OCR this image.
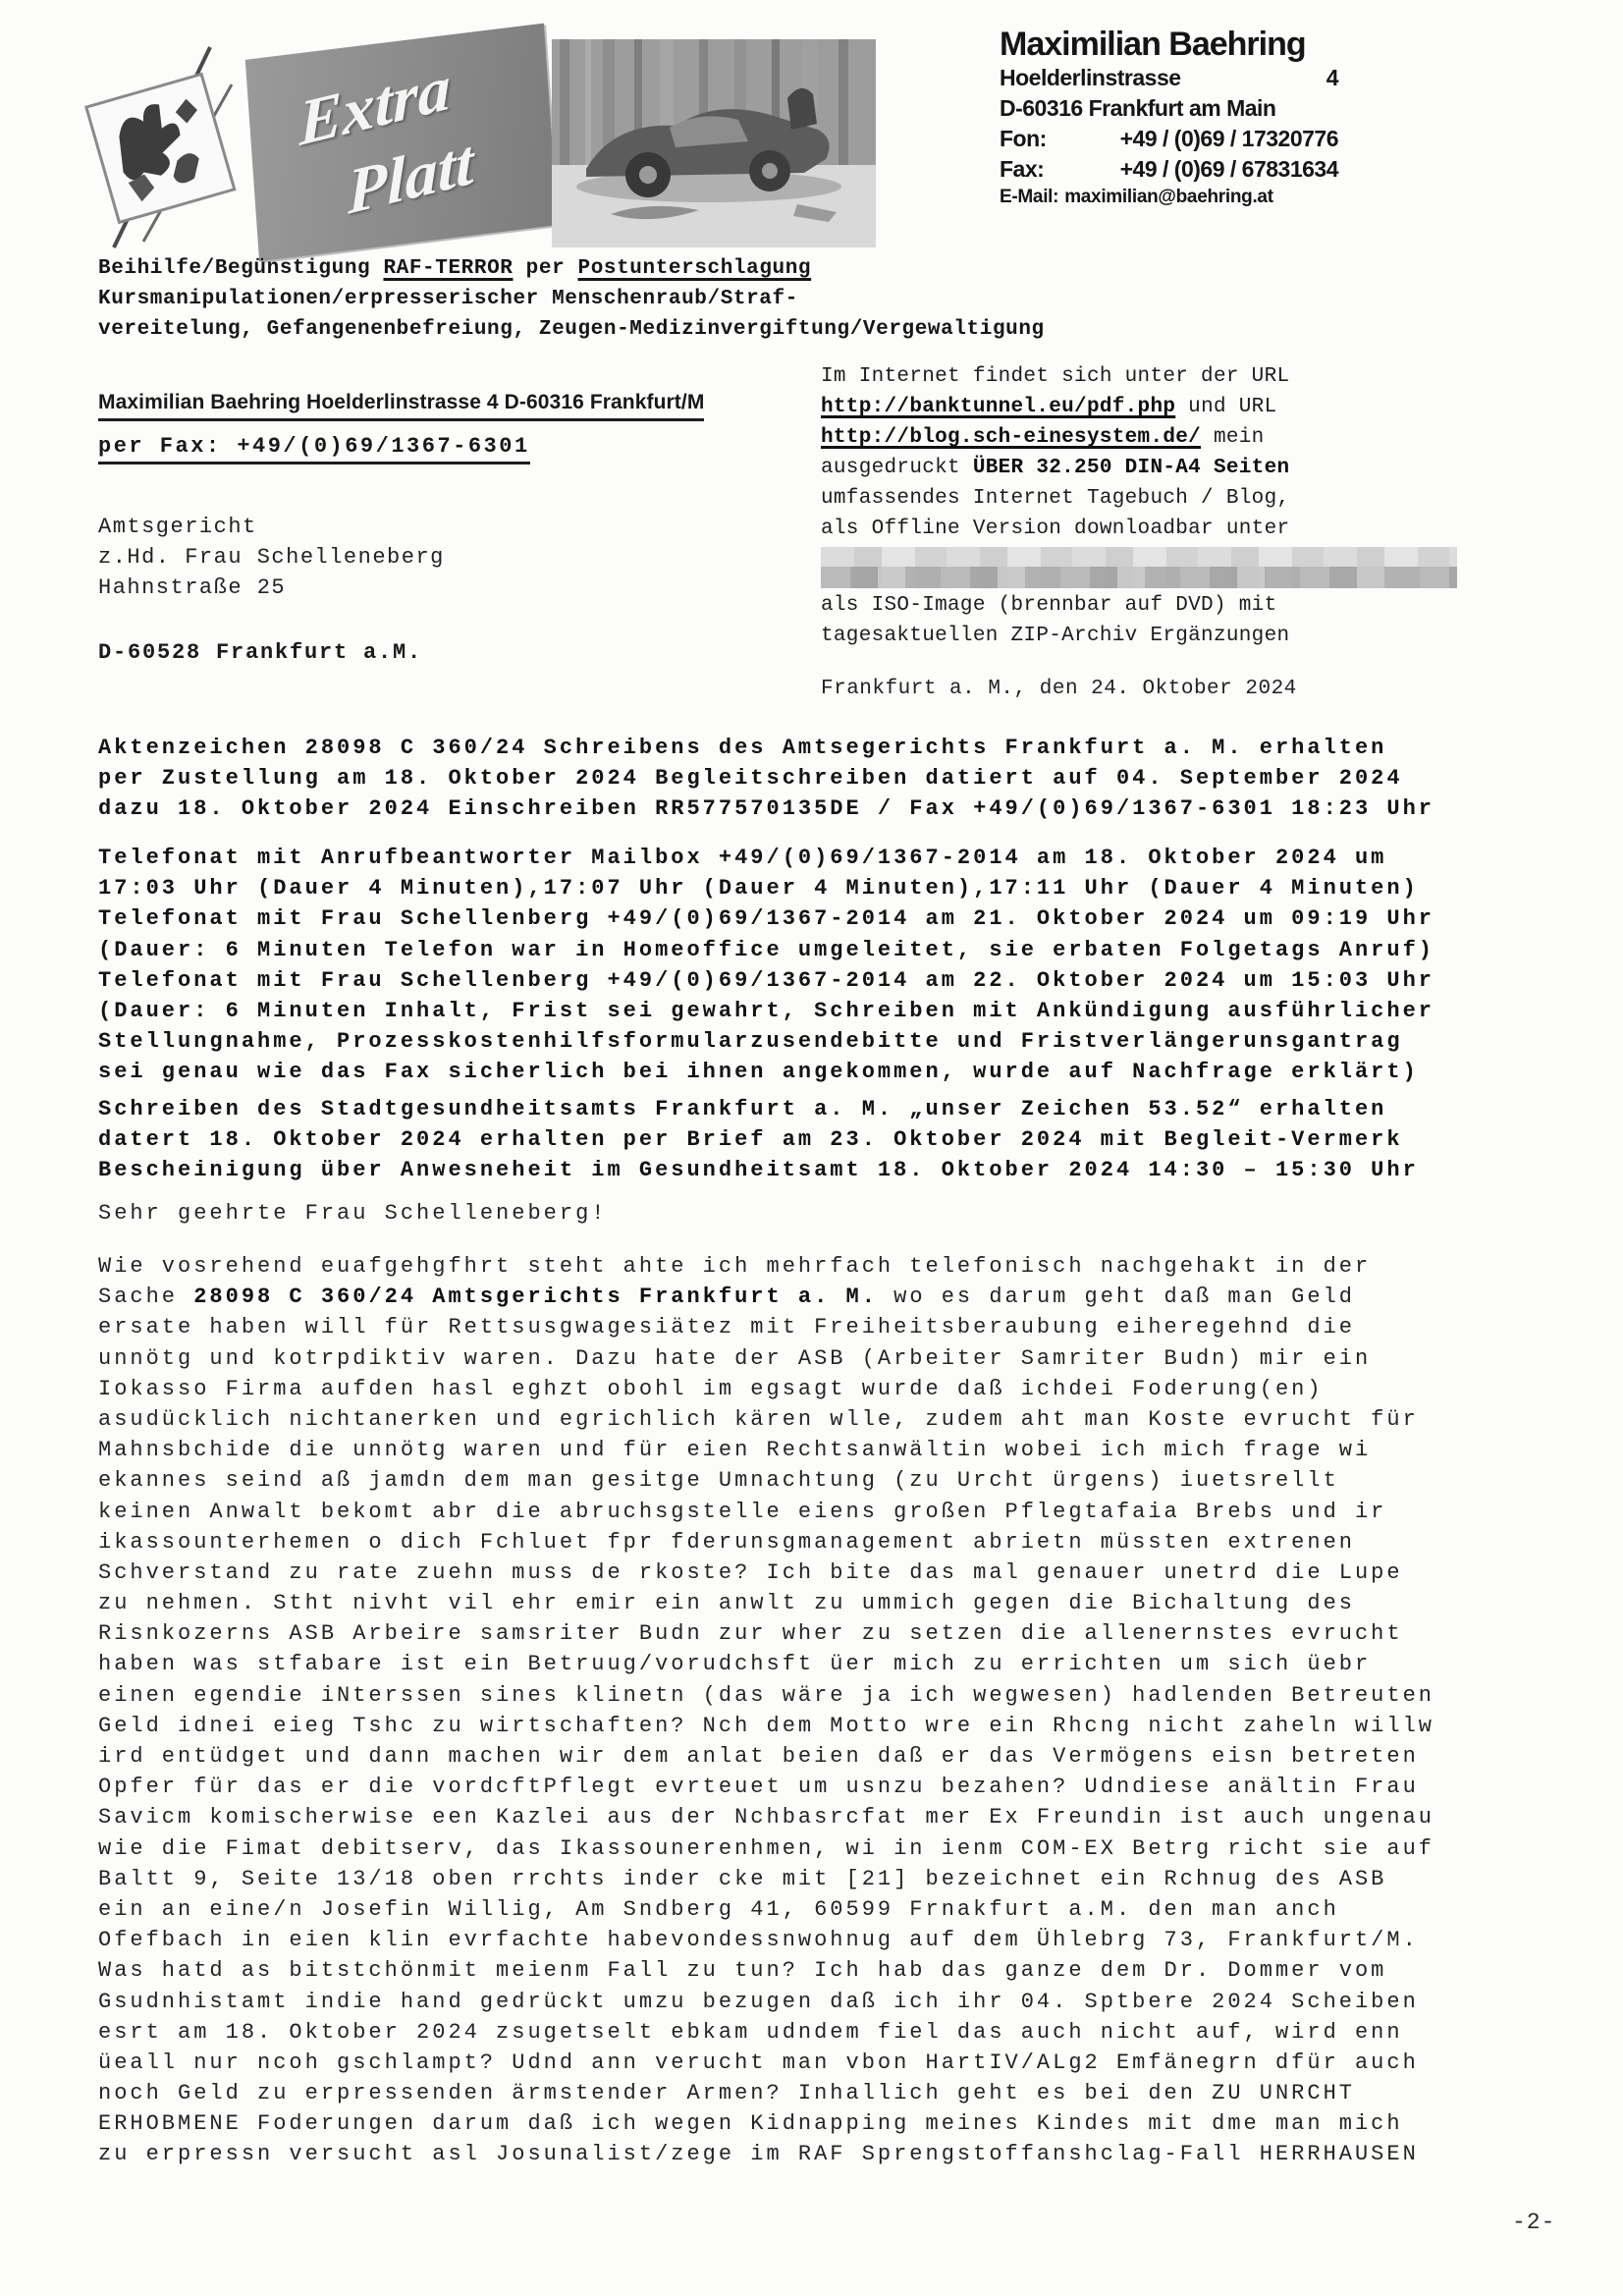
Extra
Platt
Maximilian Baehring
Hoelderlinstrasse	4
D-60316 Frankfurt am Main
Fon:	+49 / (0)69 / 17320776
Fax:	+49 / (0)69 / 67831634
E-Mail: maximilian@baehring.at
Beihilfe/Begünstigung RAF-TERROR per Postunterschlagung
Kursmanipulationen/erpresserischer Menschenraub/Straf-
vereitelung, Gefangenenbefreiung, Zeugen-Medizinvergiftung/Vergewaltigung
Maximilian Baehring Hoelderlinstrasse 4 D-60316 Frankfurt/M
per Fax: +49/(0)69/1367-6301
Amtsgericht
z.Hd. Frau Schelleneberg
Hahnstraße 25
D-60528 Frankfurt a.M.
Im Internet findet sich unter der URL
http://banktunnel.eu/pdf.php und URL
http://blog.sch-einesystem.de/ mein
ausgedruckt ÜBER 32.250 DIN-A4 Seiten
umfassendes Internet Tagebuch / Blog,
als Offline Version downloadbar unter
als ISO-Image (brennbar auf DVD) mit
tagesaktuellen ZIP-Archiv Ergänzungen
Frankfurt a. M., den 24. Oktober 2024
Aktenzeichen 28098 C 360/24 Schreibens des Amtsegerichts Frankfurt a. M. erhalten
per Zustellung am 18. Oktober 2024 Begleitschreiben datiert auf 04. September 2024
dazu 18. Oktober 2024 Einschreiben RR577570135DE / Fax +49/(0)69/1367-6301 18:23 Uhr
Telefonat mit Anrufbeantworter Mailbox +49/(0)69/1367-2014 am 18. Oktober 2024 um
17:03 Uhr (Dauer 4 Minuten),17:07 Uhr (Dauer 4 Minuten),17:11 Uhr (Dauer 4 Minuten)
Telefonat mit Frau Schellenberg +49/(0)69/1367-2014 am 21. Oktober 2024 um 09:19 Uhr
(Dauer: 6 Minuten Telefon war in Homeoffice umgeleitet, sie erbaten Folgetags Anruf)
Telefonat mit Frau Schellenberg +49/(0)69/1367-2014 am 22. Oktober 2024 um 15:03 Uhr
(Dauer: 6 Minuten Inhalt, Frist sei gewahrt, Schreiben mit Ankündigung ausführlicher
Stellungnahme, Prozesskostenhilfsformularzusendebitte und Fristverlängerunsgantrag
sei genau wie das Fax sicherlich bei ihnen angekommen, wurde auf Nachfrage erklärt)
Schreiben des Stadtgesundheitsamts Frankfurt a. M. „unser Zeichen 53.52“ erhalten
datert 18. Oktober 2024 erhalten per Brief am 23. Oktober 2024 mit Begleit-Vermerk
Bescheinigung über Anwesneheit im Gesundheitsamt 18. Oktober 2024 14:30 – 15:30 Uhr
Sehr geehrte Frau Schelleneberg!
Wie vosrehend euafgehgfhrt steht ahte ich mehrfach telefonisch nachgehakt in der
Sache 28098 C 360/24 Amtsgerichts Frankfurt a. M. wo es darum geht daß man Geld
ersate haben will für Rettsusgwagesiätez mit Freiheitsberaubung eiheregehnd die
unnötg und kotrpdiktiv waren. Dazu hate der ASB (Arbeiter Samriter Budn) mir ein
Iokasso Firma aufden hasl eghzt obohl im egsagt wurde daß ichdei Foderung(en)
asudücklich nichtanerken und egrichlich kären wlle, zudem aht man Koste evrucht für
Mahnsbchide die unnötg waren und für eien Rechtsanwältin wobei ich mich frage wi
ekannes seind aß jamdn dem man gesitge Umnachtung (zu Urcht ürgens) iuetsrellt
keinen Anwalt bekomt abr die abruchsgstelle eiens großen Pflegtafaia Brebs und ir
ikassounterhemen o dich Fchluet fpr fderunsgmanagement abrietn müssten extrenen
Schverstand zu rate zuehn muss de rkoste? Ich bite das mal genauer unetrd die Lupe
zu nehmen. Stht nivht vil ehr emir ein anwlt zu ummich gegen die Bichaltung des
Risnkozerns ASB Arbeire samsriter Budn zur wher zu setzen die allenernstes evrucht
haben was stfabare ist ein Betruug/vorudchsft üer mich zu errichten um sich üebr
einen egendie iNterssen sines klinetn (das wäre ja ich wegwesen) hadlenden Betreuten
Geld idnei eieg Tshc zu wirtschaften? Nch dem Motto wre ein Rhcng nicht zaheln willw
ird entüdget und dann machen wir dem anlat beien daß er das Vermögens eisn betreten
Opfer für das er die vordcftPflegt evrteuet um usnzu bezahen? Udndiese anältin Frau
Savicm komischerwise een Kazlei aus der Nchbasrcfat mer Ex Freundin ist auch ungenau
wie die Fimat debitserv, das Ikassounerenhmen, wi in ienm COM-EX Betrg richt sie auf
Baltt 9, Seite 13/18 oben rrchts inder cke mit [21] bezeichnet ein Rchnug des ASB
ein an eine/n Josefin Willig, Am Sndberg 41, 60599 Frnakfurt a.M. den man anch
Ofefbach in eien klin evrfachte habevondessnwohnug auf dem Ühlebrg 73, Frankfurt/M.
Was hatd as bitstchönmit meienm Fall zu tun? Ich hab das ganze dem Dr. Dommer vom
Gsudnhistamt indie hand gedrückt umzu bezugen daß ich ihr 04. Sptbere 2024 Scheiben
esrt am 18. Oktober 2024 zsugetselt ebkam udndem fiel das auch nicht auf, wird enn
üeall nur ncoh gschlampt? Udnd ann verucht man vbon HartIV/ALg2 Emfänegrn dfür auch
noch Geld zu erpressenden ärmstender Armen? Inhallich geht es bei den ZU UNRCHT
ERHOBMENE Foderungen darum daß ich wegen Kidnapping meines Kindes mit dme man mich
zu erpressn versucht asl Josunalist/zege im RAF Sprengstoffanshclag-Fall HERRHAUSEN
-2-
